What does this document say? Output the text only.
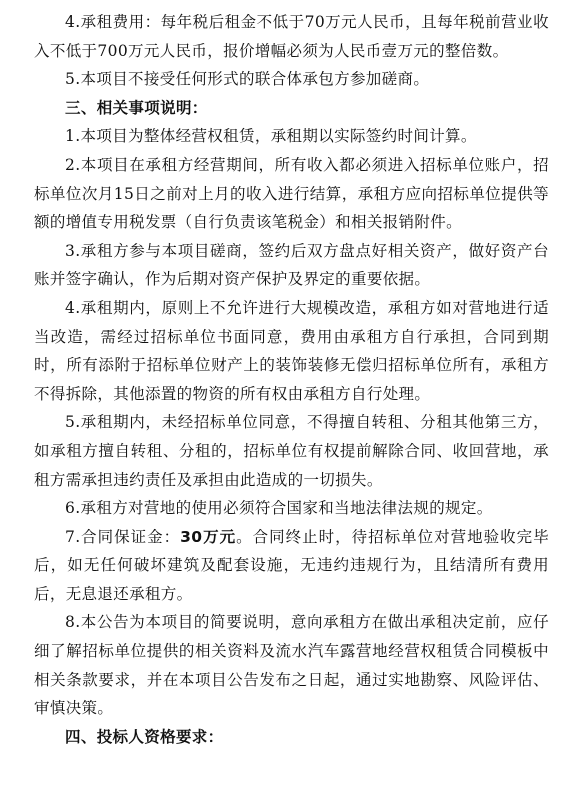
4.承租费用：每年税后租金不低于70万元人民币，且每年税前营业收入不低于700万元人民币，报价增幅必须为人民币壹万元的整倍数。

5.本项目不接受任何形式的联合体承包方参加磋商。

三、相关事项说明：

1.本项目为整体经营权租赁，承租期以实际签约时间计算。

2.本项目在承租方经营期间，所有收入都必须进入招标单位账户，招标单位次月15日之前对上月的收入进行结算，承租方应向招标单位提供等额的增值专用税发票（自行负责该笔税金）和相关报销附件。

3.承租方参与本项目磋商，签约后双方盘点好相关资产，做好资产台账并签字确认，作为后期对资产保护及界定的重要依据。

4.承租期内，原则上不允许进行大规模改造，承租方如对营地进行适当改造，需经过招标单位书面同意，费用由承租方自行承担，合同到期时，所有添附于招标单位财产上的装饰装修无偿归招标单位所有，承租方不得拆除，其他添置的物资的所有权由承租方自行处理。

5.承租期内，未经招标单位同意，不得擅自转租、分租其他第三方，如承租方擅自转租、分租的，招标单位有权提前解除合同、收回营地，承租方需承担违约责任及承担由此造成的一切损失。

6.承租方对营地的使用必须符合国家和当地法律法规的规定。

7.合同保证金：30万元。合同终止时，待招标单位对营地验收完毕后，如无任何破坏建筑及配套设施，无违约违规行为，且结清所有费用后，无息退还承租方。

8.本公告为本项目的简要说明，意向承租方在做出承租决定前，应仔细了解招标单位提供的相关资料及流水汽车露营地经营权租赁合同模板中相关条款要求，并在本项目公告发布之日起，通过实地勘察、风险评估、审慎决策。

四、投标人资格要求：
